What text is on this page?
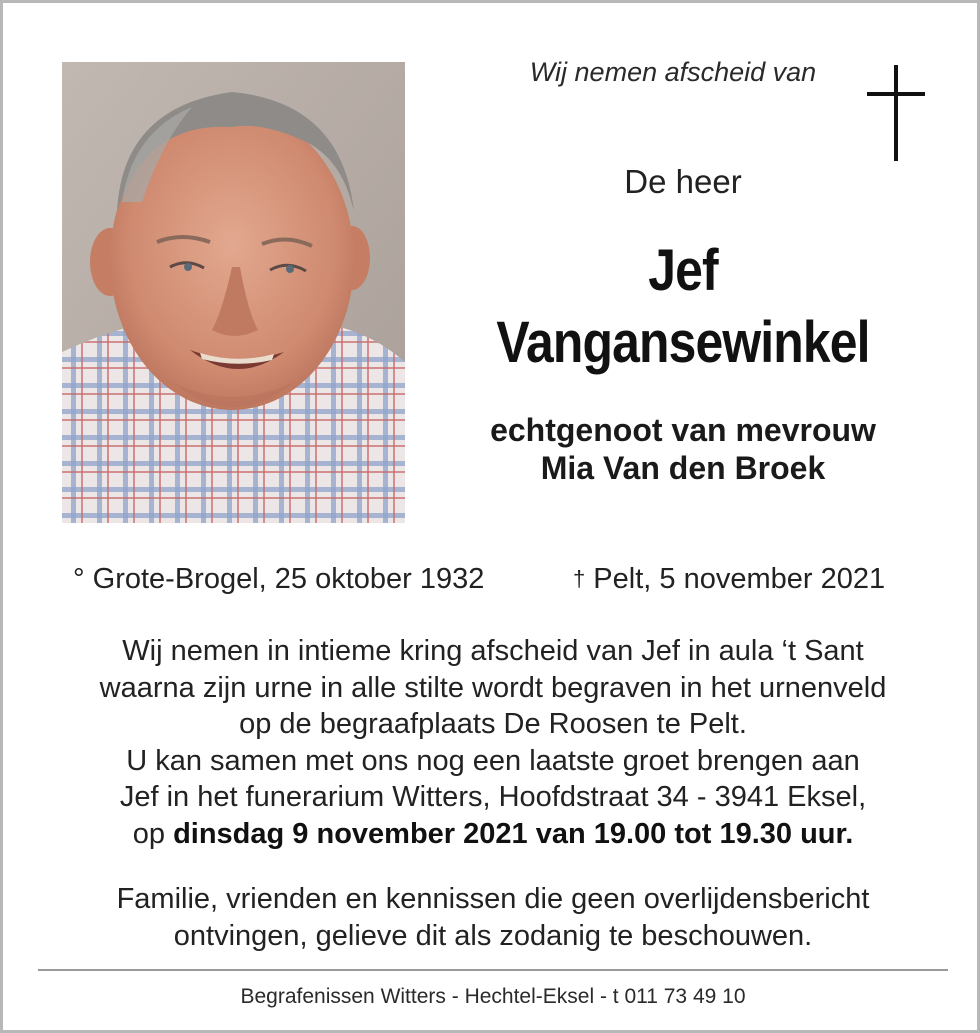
Wij nemen afscheid van
De heer
Jef
Vangansewinkel
echtgenoot van mevrouw
Mia Van den Broek
° Grote-Brogel, 25 oktober 1932	† Pelt, 5 november 2021
Wij nemen in intieme kring afscheid van Jef in aula ‘t Sant
waarna zijn urne in alle stilte wordt begraven in het urnenveld
op de begraafplaats De Roosen te Pelt.
U kan samen met ons nog een laatste groet brengen aan
Jef in het funerarium Witters, Hoofdstraat 34 - 3941 Eksel,
op dinsdag 9 november 2021 van 19.00 tot 19.30 uur.
Familie, vrienden en kennissen die geen overlijdensbericht
ontvingen, gelieve dit als zodanig te beschouwen.
Begrafenissen Witters - Hechtel-Eksel - t 011 73 49 10
